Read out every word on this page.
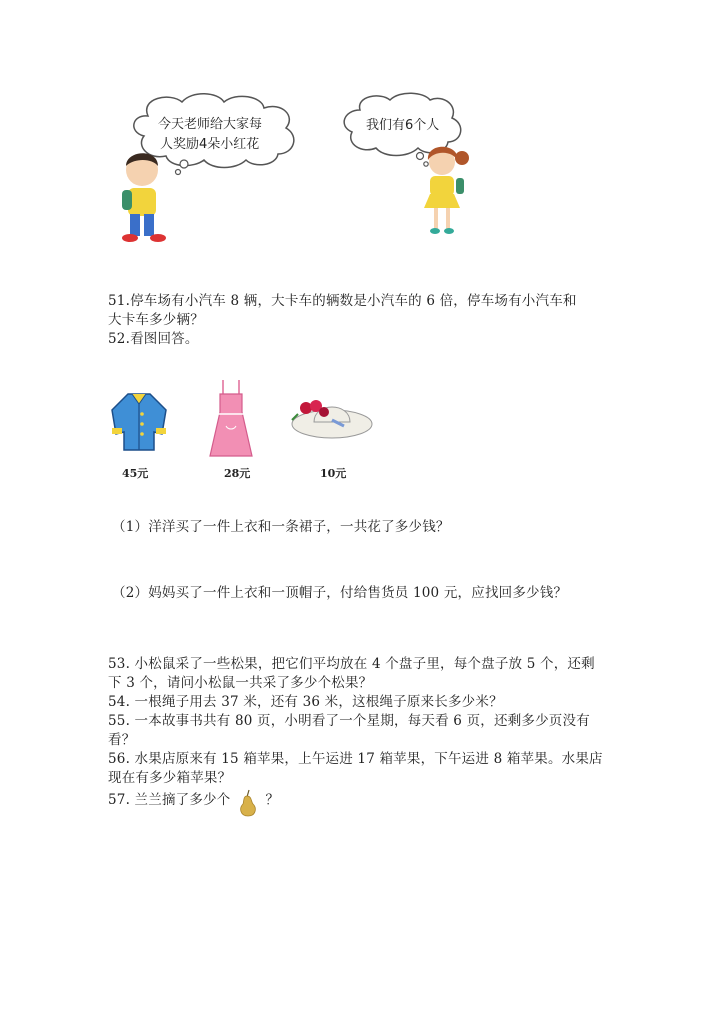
今天老师给大家每
人奖励4朵小红花
我们有6个人
51.停车场有小汽车 8 辆，大卡车的辆数是小汽车的 6 倍，停车场有小汽车和
大卡车多少辆？
52.看图回答。
45元	28元	10元
（1）洋洋买了一件上衣和一条裙子，一共花了多少钱？
（2）妈妈买了一件上衣和一顶帽子，付给售货员 100 元，应找回多少钱？
53. 小松鼠采了一些松果，把它们平均放在 4 个盘子里，每个盘子放 5 个，还剩
下 3 个，请问小松鼠一共采了多少个松果？
54. 一根绳子用去 37 米，还有 36 米，这根绳子原来长多少米？
55. 一本故事书共有 80 页，小明看了一个星期，每天看 6 页，还剩多少页没有
看？
56. 水果店原来有 15 箱苹果，上午运进 17 箱苹果，下午运进 8 箱苹果。水果店
现在有多少箱苹果？
57. 兰兰摘了多少个	？
